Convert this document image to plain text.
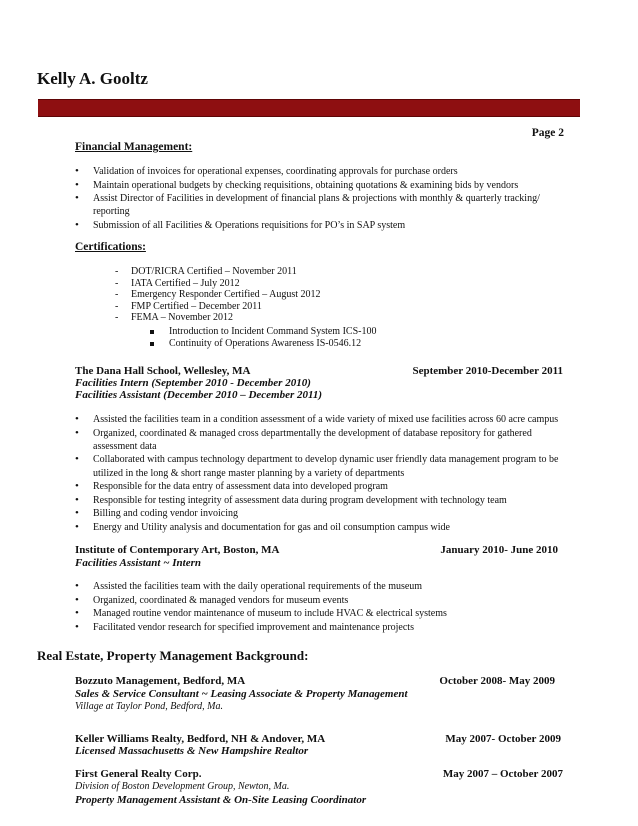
Kelly A. Gooltz
Page 2
Financial Management:
• Validation of invoices for operational expenses, coordinating approvals for purchase orders
• Maintain operational budgets by checking requisitions, obtaining quotations & examining bids by vendors
• Assist Director of Facilities in development of financial plans & projections with monthly & quarterly tracking/ reporting
• Submission of all Facilities & Operations requisitions for PO’s in SAP system
Certifications:
- DOT/RICRA Certified – November 2011
- IATA Certified – July 2012
- Emergency Responder Certified – August 2012
- FMP Certified – December 2011
- FEMA – November 2012
Introduction to Incident Command System ICS-100
Continuity of Operations Awareness IS-0546.12
The Dana Hall School, Wellesley, MA	September 2010-December 2011
Facilities Intern (September 2010 - December 2010)
Facilities Assistant (December 2010 – December 2011)
• Assisted the facilities team in a condition assessment of a wide variety of mixed use facilities across 60 acre campus
• Organized, coordinated & managed cross departmentally the development of database repository for gathered assessment data
• Collaborated with campus technology department to develop dynamic user friendly data management program to be utilized in the long & short range master planning by a variety of departments
• Responsible for the data entry of assessment data into developed program
• Responsible for testing integrity of assessment data during program development with technology team
• Billing and coding vendor invoicing
• Energy and Utility analysis and documentation for gas and oil consumption campus wide
Institute of Contemporary Art, Boston, MA	January 2010- June 2010
Facilities Assistant ~ Intern
• Assisted the facilities team with the daily operational requirements of the museum
• Organized, coordinated & managed vendors for museum events
• Managed routine vendor maintenance of museum to include HVAC & electrical systems
• Facilitated vendor research for specified improvement and maintenance projects
Real Estate, Property Management Background:
Bozzuto Management, Bedford, MA	October 2008- May 2009
Sales & Service Consultant ~ Leasing Associate & Property Management
Village at Taylor Pond, Bedford, Ma.
Keller Williams Realty, Bedford, NH & Andover, MA	May 2007- October 2009
Licensed Massachusetts & New Hampshire Realtor
First General Realty Corp.	May 2007 – October 2007
Division of Boston Development Group, Newton, Ma.
Property Management Assistant & On-Site Leasing Coordinator
